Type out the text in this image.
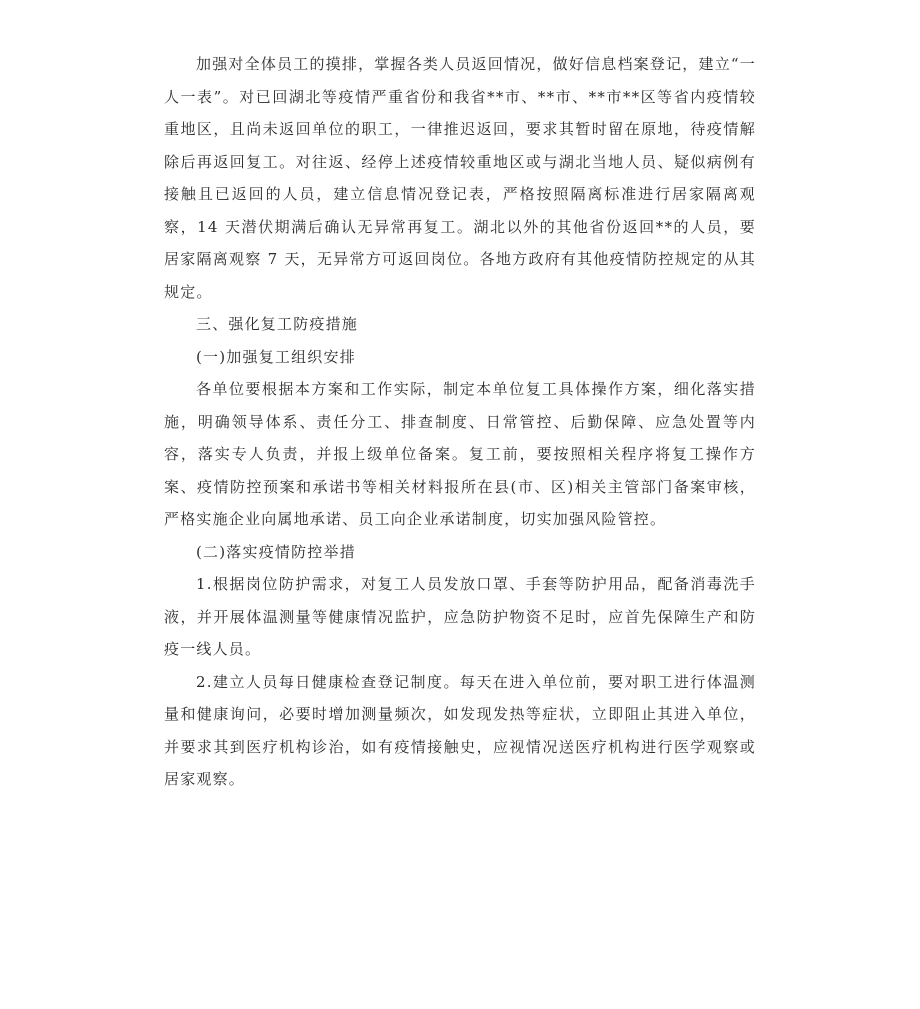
加强对全体员工的摸排，掌握各类人员返回情况，做好信息档案登记，建立“一人一表”。对已回湖北等疫情严重省份和我省**市、**市、**市**区等省内疫情较重地区，且尚未返回单位的职工，一律推迟返回，要求其暂时留在原地，待疫情解除后再返回复工。对往返、经停上述疫情较重地区或与湖北当地人员、疑似病例有接触且已返回的人员，建立信息情况登记表，严格按照隔离标准进行居家隔离观察，14 天潜伏期满后确认无异常再复工。湖北以外的其他省份返回**的人员，要居家隔离观察 7 天，无异常方可返回岗位。各地方政府有其他疫情防控规定的从其规定。

三、强化复工防疫措施

(一)加强复工组织安排

各单位要根据本方案和工作实际，制定本单位复工具体操作方案，细化落实措施，明确领导体系、责任分工、排查制度、日常管控、后勤保障、应急处置等内容，落实专人负责，并报上级单位备案。复工前，要按照相关程序将复工操作方案、疫情防控预案和承诺书等相关材料报所在县(市、区)相关主管部门备案审核，严格实施企业向属地承诺、员工向企业承诺制度，切实加强风险管控。

(二)落实疫情防控举措

1.根据岗位防护需求，对复工人员发放口罩、手套等防护用品，配备消毒洗手液，并开展体温测量等健康情况监护，应急防护物资不足时，应首先保障生产和防疫一线人员。

2.建立人员每日健康检查登记制度。每天在进入单位前，要对职工进行体温测量和健康询问，必要时增加测量频次，如发现发热等症状，立即阻止其进入单位，并要求其到医疗机构诊治，如有疫情接触史，应视情况送医疗机构进行医学观察或居家观察。
